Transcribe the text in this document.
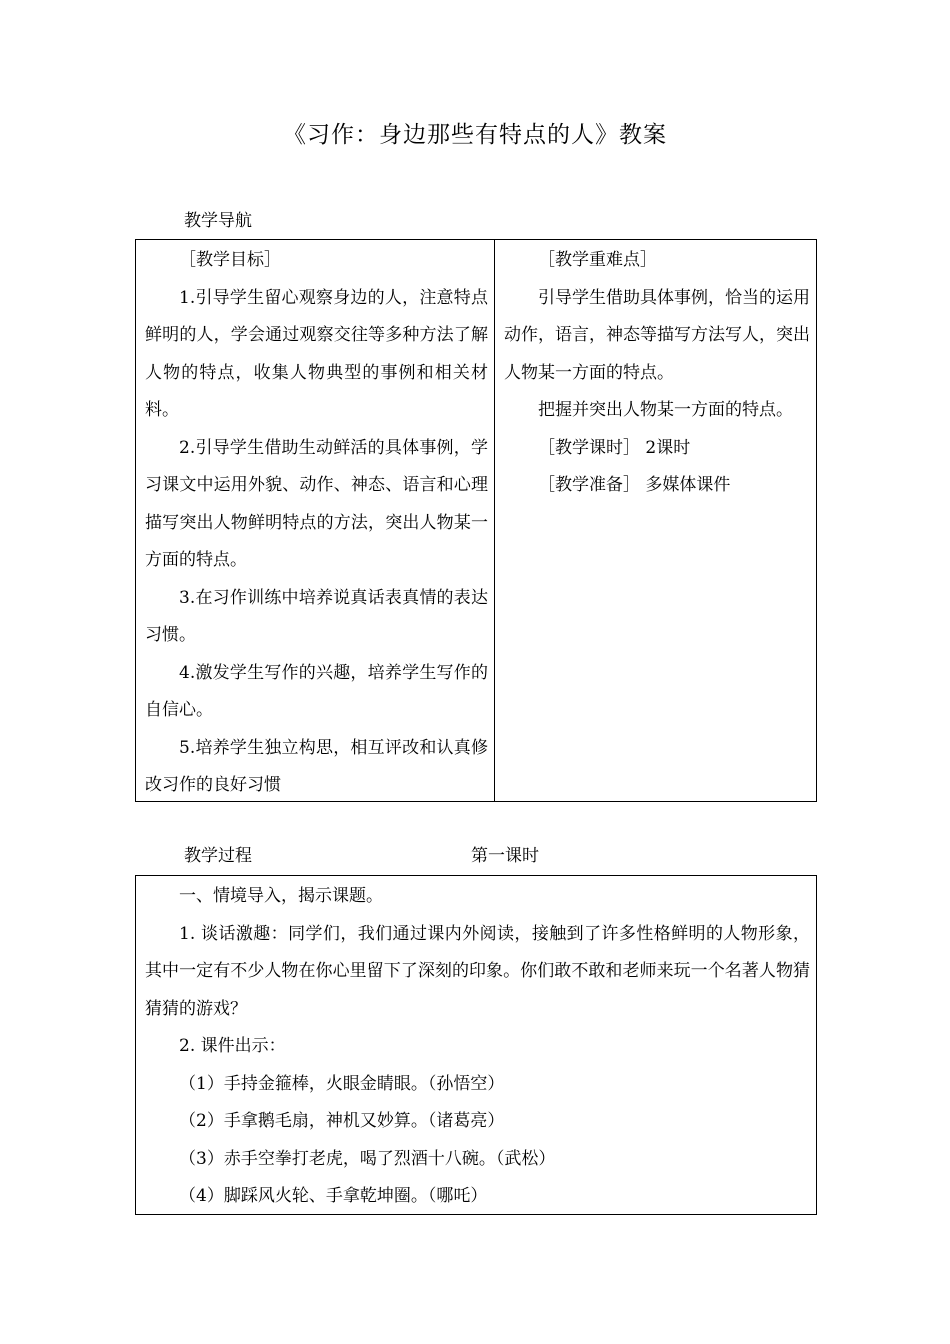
《习作：身边那些有特点的人》教案
教学导航

［教学目标］

1.引导学生留心观察身边的人，注意特点鲜明的人，学会通过观察交往等多种方法了解人物的特点，收集人物典型的事例和相关材料。

2.引导学生借助生动鲜活的具体事例，学习课文中运用外貌、动作、神态、语言和心理描写突出人物鲜明特点的方法，突出人物某一方面的特点。

3.在习作训练中培养说真话表真情的表达习惯。

4.激发学生写作的兴趣，培养学生写作的自信心。

5.培养学生独立构思，相互评改和认真修改习作的良好习惯

［教学重难点］

引导学生借助具体事例，恰当的运用动作，语言，神态等描写方法写人，突出人物某一方面的特点。

把握并突出人物某一方面的特点。

［教学课时］ 2课时

［教学准备］ 多媒体课件

教学过程	第一课时

一、情境导入，揭示课题。

1. 谈话激趣：同学们，我们通过课内外阅读，接触到了许多性格鲜明的人物形象，其中一定有不少人物在你心里留下了深刻的印象。你们敢不敢和老师来玩一个名著人物猜猜猜的游戏？

2. 课件出示：

（1）手持金箍棒，火眼金睛眼。（孙悟空）

（2）手拿鹅毛扇，神机又妙算。（诸葛亮）

（3）赤手空拳打老虎，喝了烈酒十八碗。（武松）

（4）脚踩风火轮、手拿乾坤圈。（哪吒）
